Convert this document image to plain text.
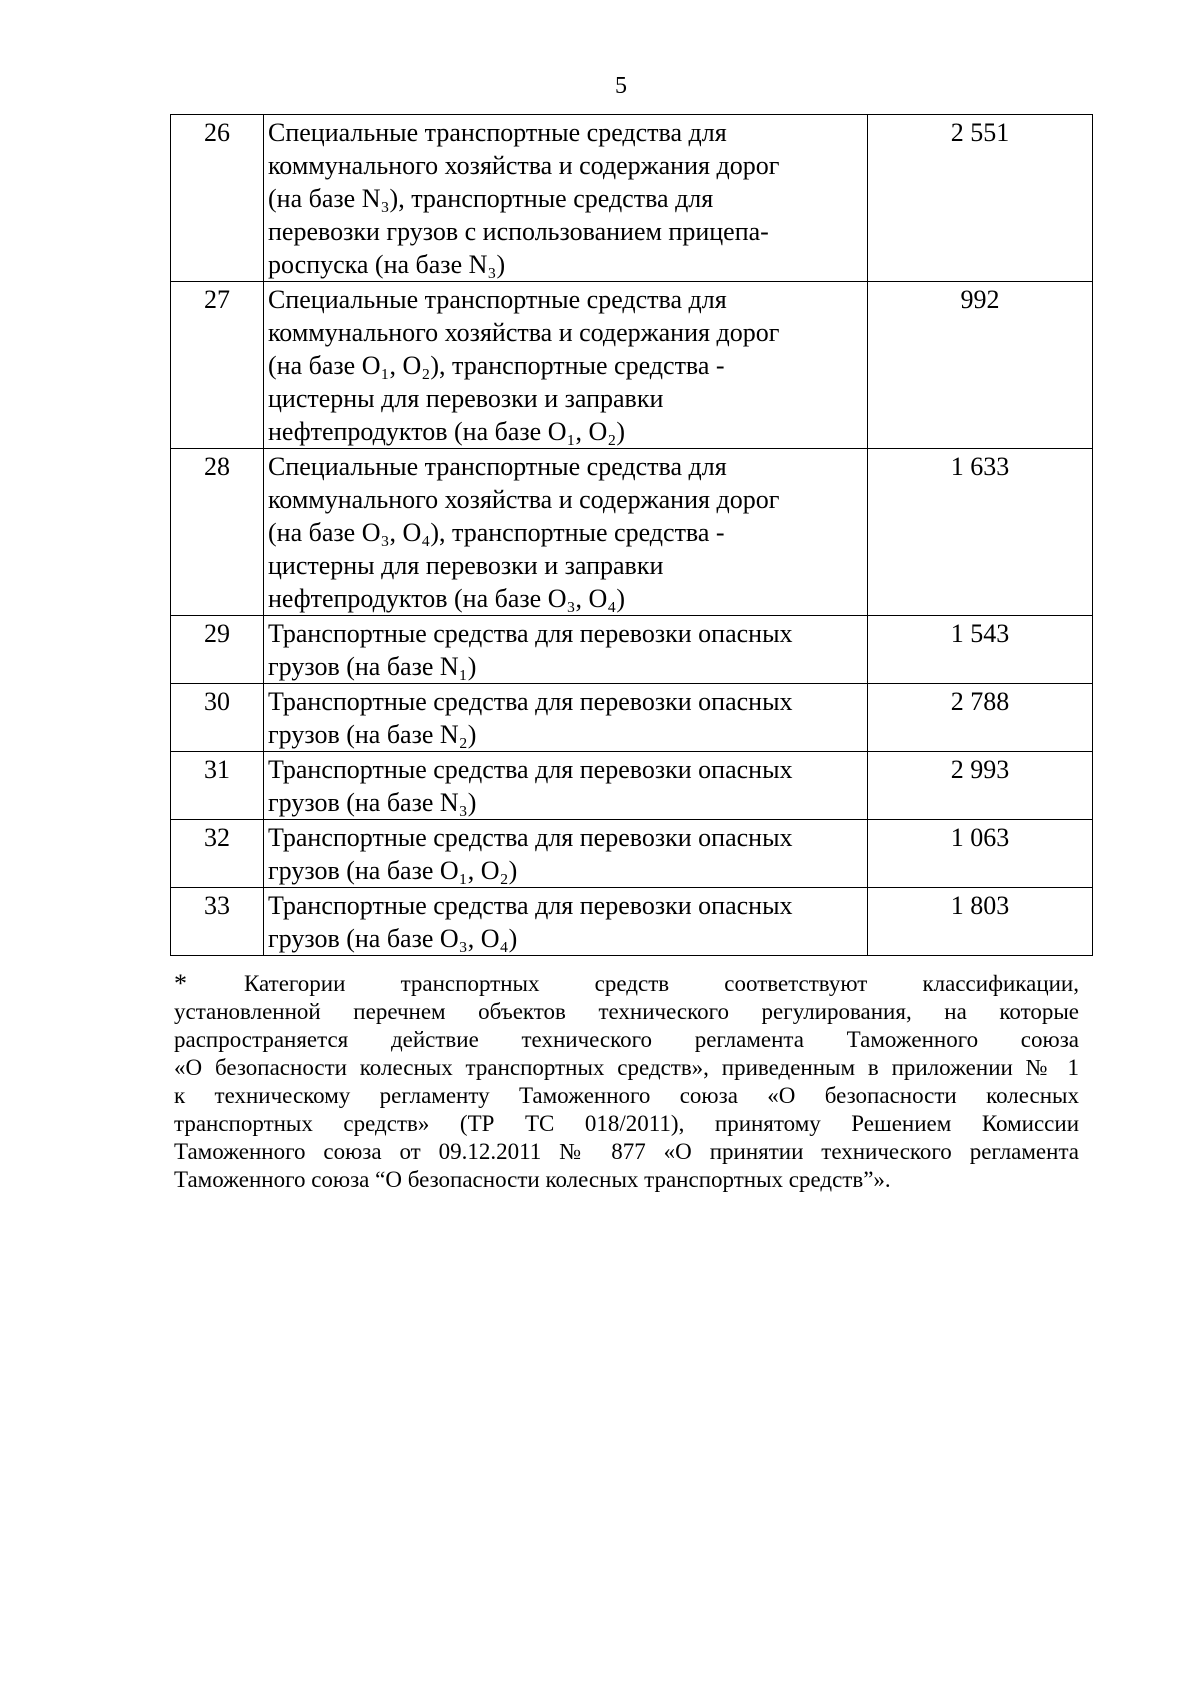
5
26	Специальные транспортные средства для
коммунального хозяйства и содержания дорог
(на базе N₃), транспортные средства для
перевозки грузов с использованием прицепа-
роспуска (на базе N₃)	2 551
27	Специальные транспортные средства для
коммунального хозяйства и содержания дорог
(на базе O₁, O₂), транспортные средства -
цистерны для перевозки и заправки
нефтепродуктов (на базе O₁, O₂)	992
28	Специальные транспортные средства для
коммунального хозяйства и содержания дорог
(на базе O₃, O₄), транспортные средства -
цистерны для перевозки и заправки
нефтепродуктов (на базе O₃, O₄)	1 633
29	Транспортные средства для перевозки опасных
грузов (на базе N₁)	1 543
30	Транспортные средства для перевозки опасных
грузов (на базе N₂)	2 788
31	Транспортные средства для перевозки опасных
грузов (на базе N₃)	2 993
32	Транспортные средства для перевозки опасных
грузов (на базе O₁, O₂)	1 063
33	Транспортные средства для перевозки опасных
грузов (на базе O₃, O₄)	1 803
* Категории транспортных средств соответствуют классификации,
установленной перечнем объектов технического регулирования, на которые
распространяется действие технического регламента Таможенного союза
«О безопасности колесных транспортных средств», приведенным в приложении № 1
к техническому регламенту Таможенного союза «О безопасности колесных
транспортных средств» (ТР ТС 018/2011), принятому Решением Комиссии
Таможенного союза от 09.12.2011 № 877 «О принятии технического регламента
Таможенного союза “О безопасности колесных транспортных средств”».
